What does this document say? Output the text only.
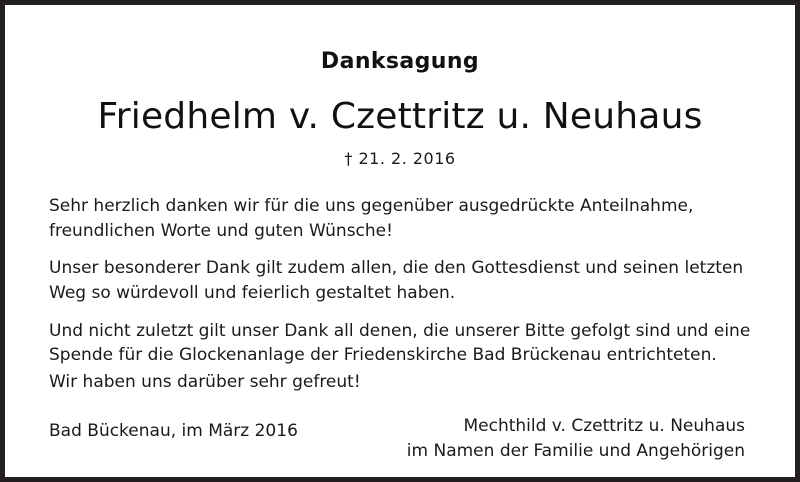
Danksagung
Friedhelm v. Czettritz u. Neuhaus
† 21. 2. 2016

Sehr herzlich danken wir für die uns gegenüber ausgedrückte Anteilnahme, freundlichen Worte und guten Wünsche!

Unser besonderer Dank gilt zudem allen, die den Gottesdienst und seinen letzten Weg so würdevoll und feierlich gestaltet haben.

Und nicht zuletzt gilt unser Dank all denen, die unserer Bitte gefolgt sind und eine Spende für die Glockenanlage der Friedenskirche Bad Brückenau entrichteten.

Wir haben uns darüber sehr gefreut!

Mechthild v. Czettritz u. Neuhaus
im Namen der Familie und Angehörigen
Bad Bückenau, im März 2016
